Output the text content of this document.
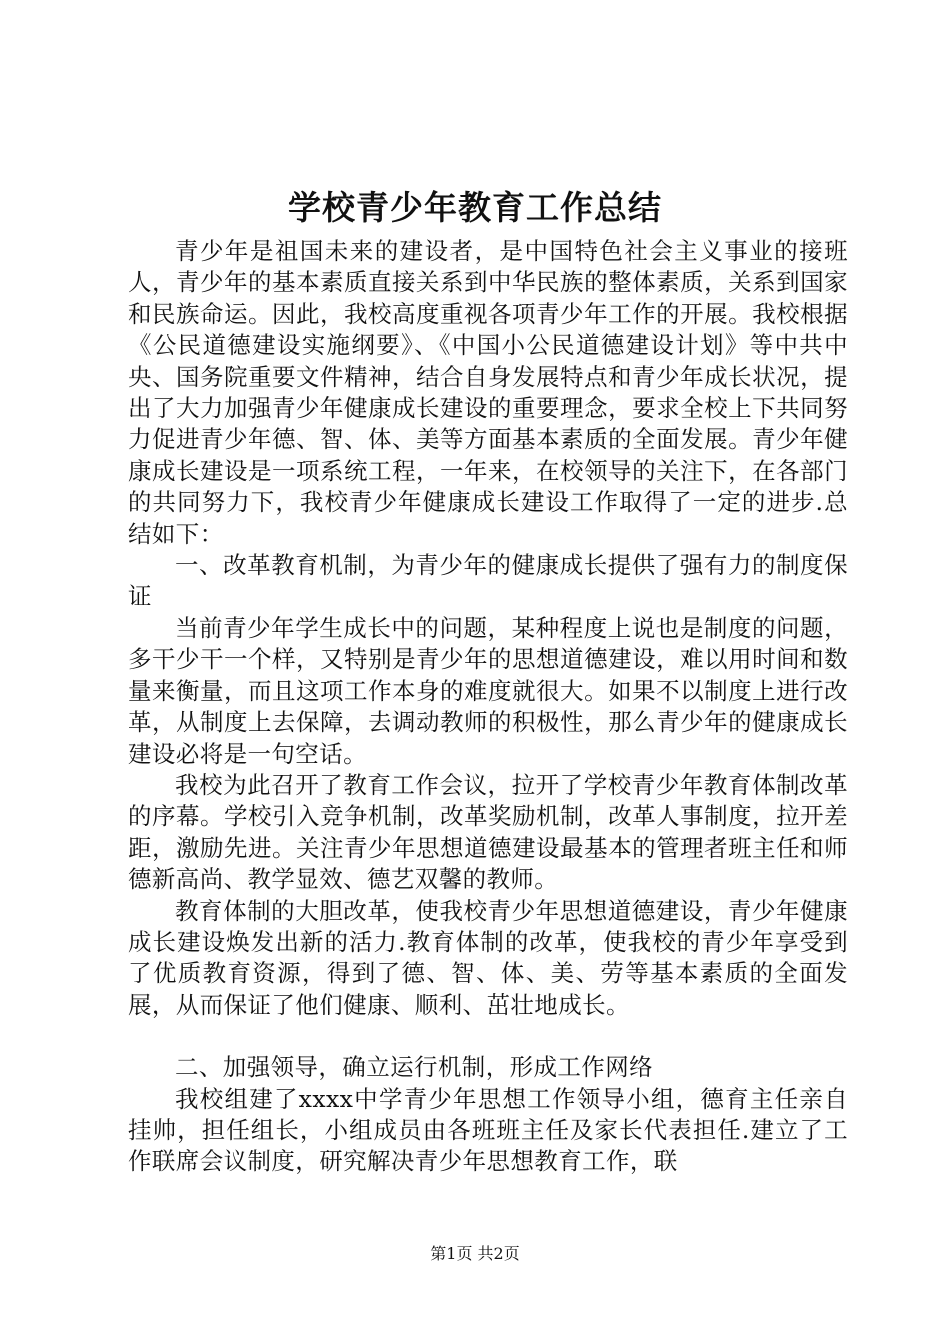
学校青少年教育工作总结

青少年是祖国未来的建设者，是中国特色社会主义事业的接班人，青少年的基本素质直接关系到中华民族的整体素质，关系到国家和民族命运。因此，我校高度重视各项青少年工作的开展。我校根据《公民道德建设实施纲要》、《中国小公民道德建设计划》等中共中央、国务院重要文件精神，结合自身发展特点和青少年成长状况，提出了大力加强青少年健康成长建设的重要理念，要求全校上下共同努力促进青少年德、智、体、美等方面基本素质的全面发展。青少年健康成长建设是一项系统工程，一年来，在校领导的关注下，在各部门的共同努力下，我校青少年健康成长建设工作取得了一定的进步.总结如下：

一、改革教育机制，为青少年的健康成长提供了强有力的制度保证

当前青少年学生成长中的问题，某种程度上说也是制度的问题，多干少干一个样，又特别是青少年的思想道德建设，难以用时间和数量来衡量，而且这项工作本身的难度就很大。如果不以制度上进行改革，从制度上去保障，去调动教师的积极性，那么青少年的健康成长建设必将是一句空话。

我校为此召开了教育工作会议，拉开了学校青少年教育体制改革的序幕。学校引入竞争机制，改革奖励机制，改革人事制度，拉开差距，激励先进。关注青少年思想道德建设最基本的管理者班主任和师德新高尚、教学显效、德艺双馨的教师。

教育体制的大胆改革，使我校青少年思想道德建设，青少年健康成长建设焕发出新的活力.教育体制的改革，使我校的青少年享受到了优质教育资源，得到了德、智、体、美、劳等基本素质的全面发展，从而保证了他们健康、顺利、茁壮地成长。

二、加强领导，确立运行机制，形成工作网络

我校组建了xxxx中学青少年思想工作领导小组，德育主任亲自挂帅，担任组长，小组成员由各班班主任及家长代表担任.建立了工作联席会议制度，研究解决青少年思想教育工作，联

第1页 共2页
